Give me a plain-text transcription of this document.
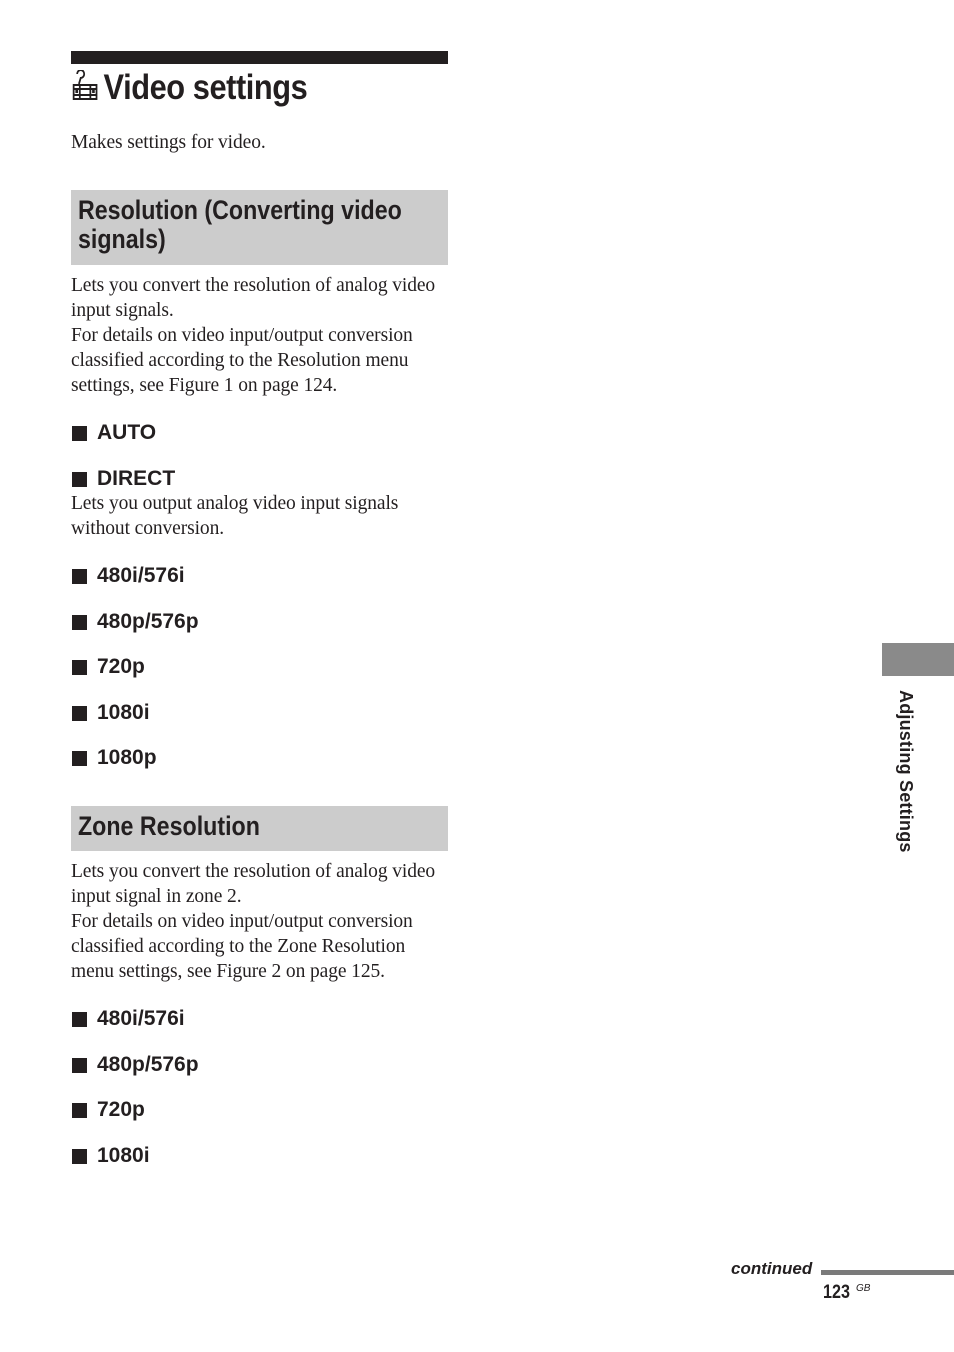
Video settings
Makes settings for video.
Resolution (Converting video signals)
Lets you convert the resolution of analog video input signals.
For details on video input/output conversion classified according to the Resolution menu settings, see Figure 1 on page 124.
AUTO
DIRECT
Lets you output analog video input signals without conversion.
480i/576i
480p/576p
720p
1080i
1080p
Zone Resolution
Lets you convert the resolution of analog video input signal in zone 2.
For details on video input/output conversion classified according to the Zone Resolution menu settings, see Figure 2 on page 125.
480i/576i
480p/576p
720p
1080i
Adjusting Settings
continued
123 GB
